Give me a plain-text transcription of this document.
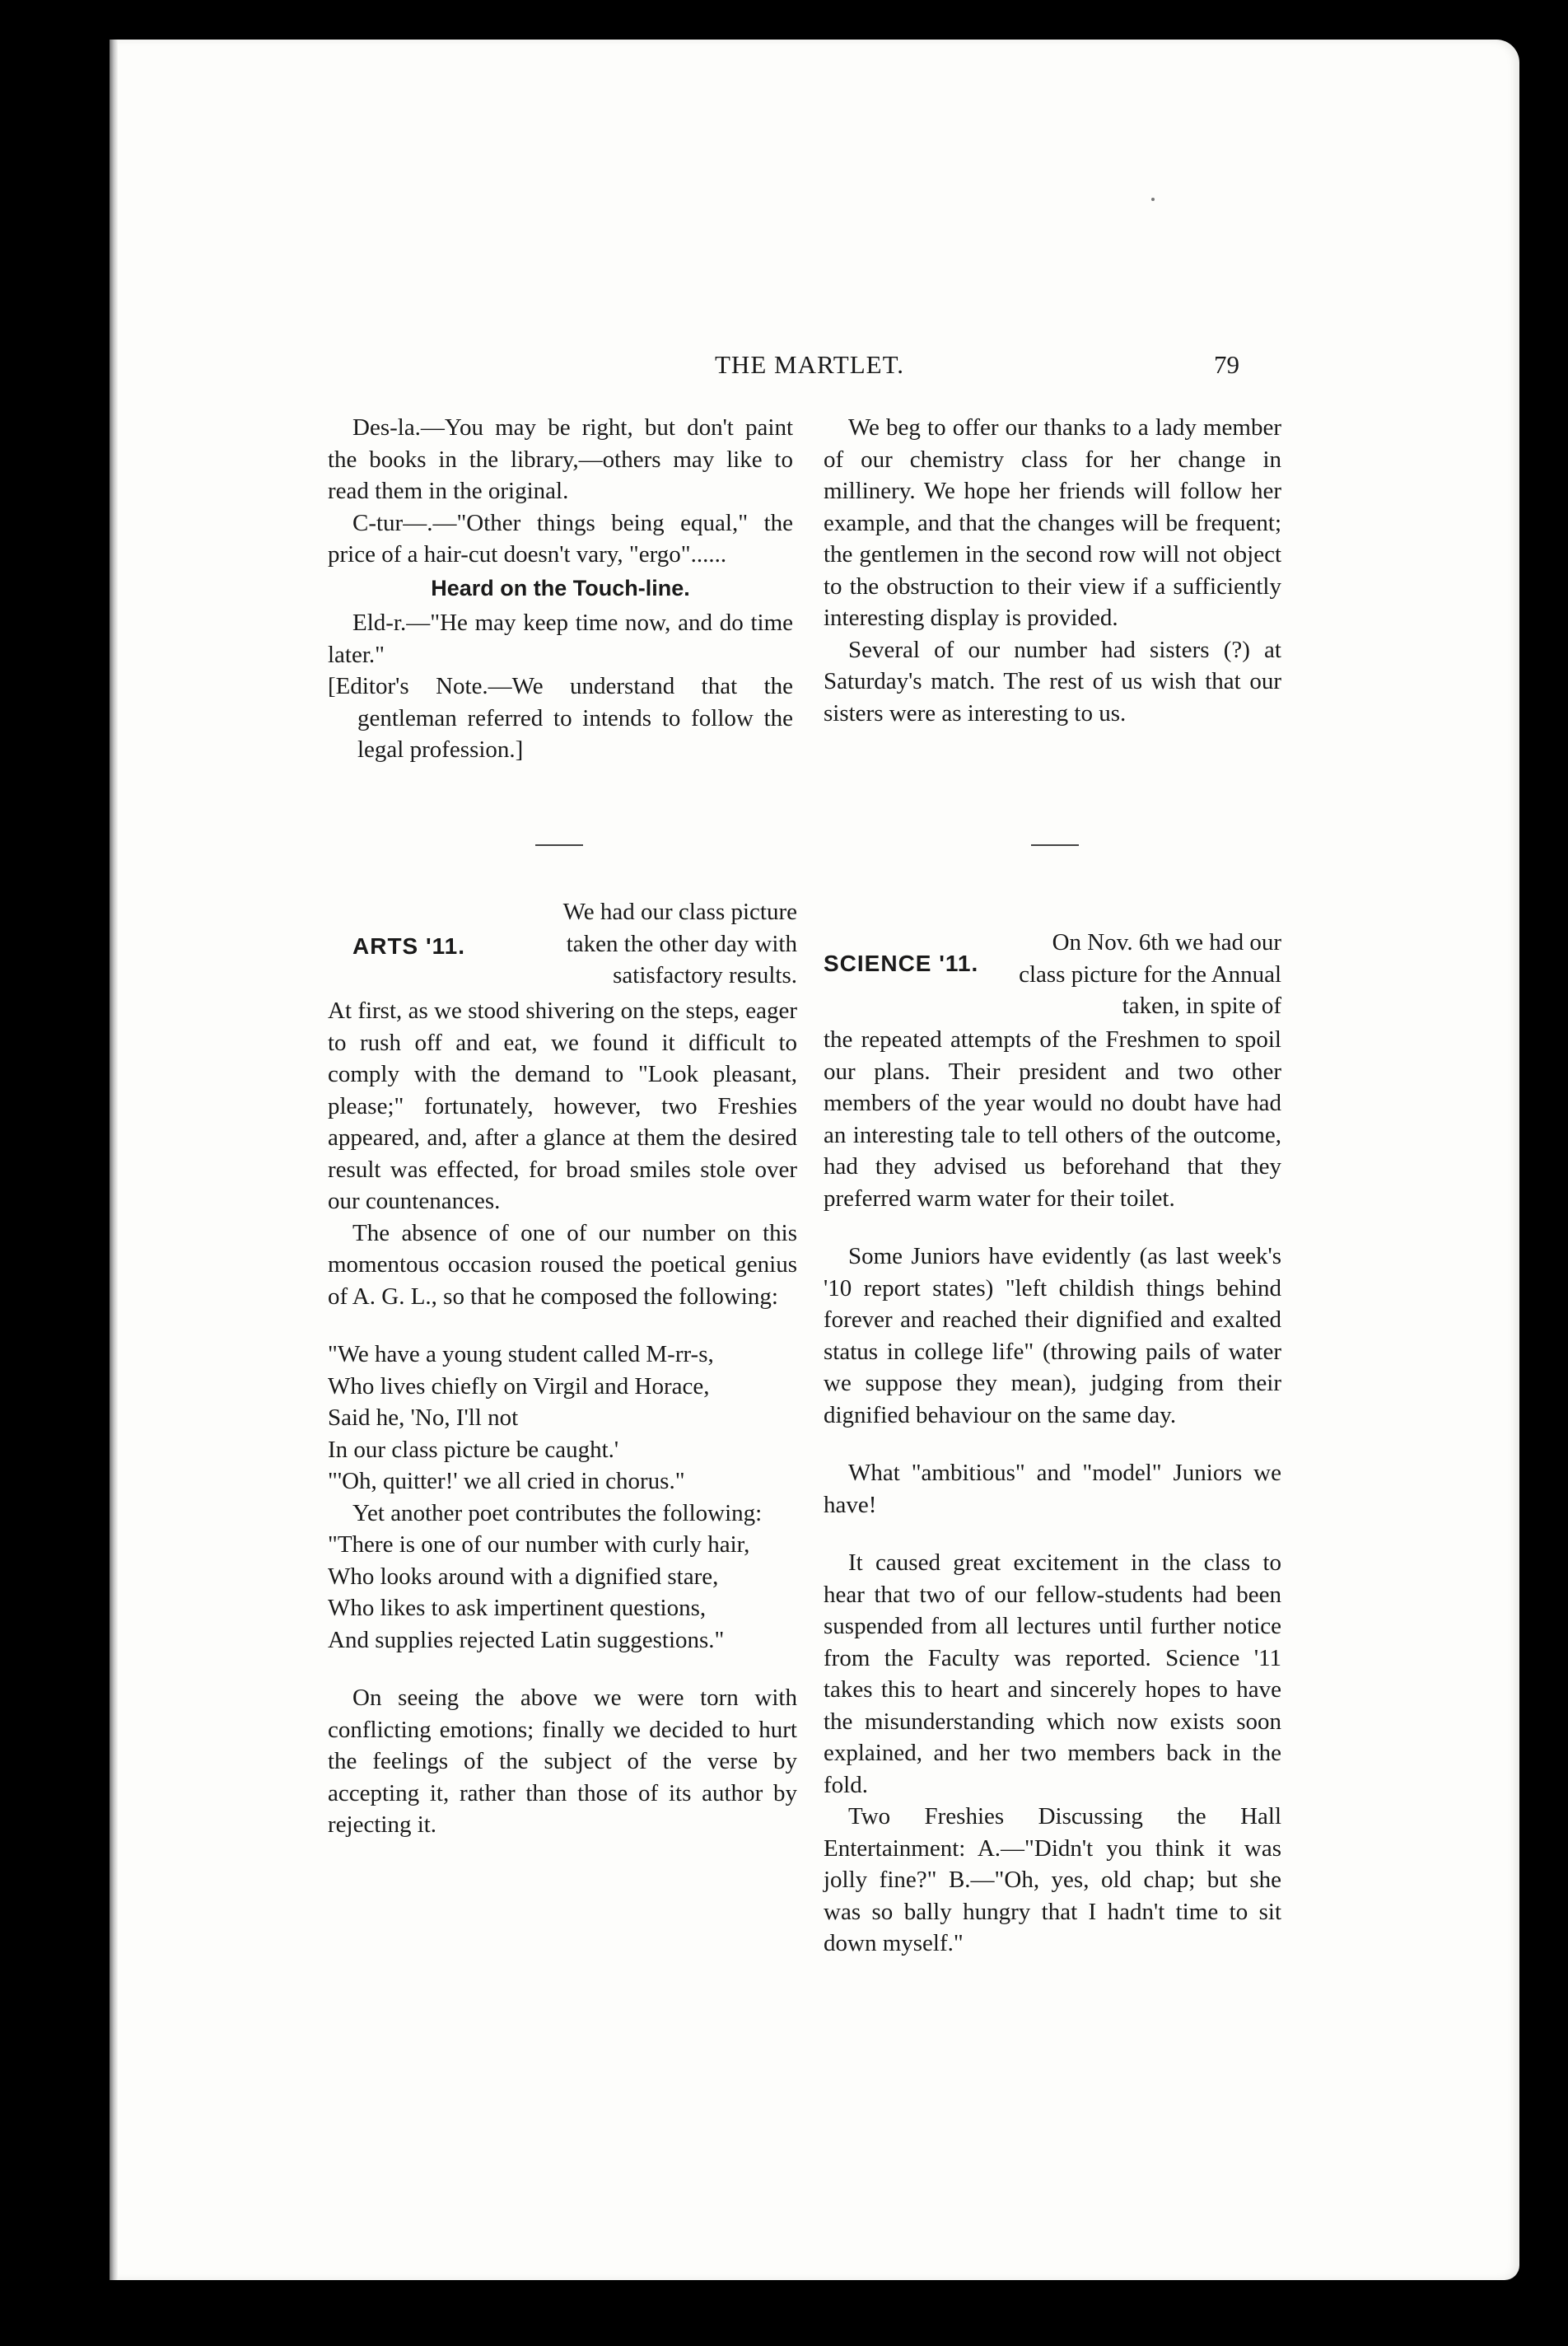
THE MARTLET.	79

Des-la.—You may be right, but don't paint the books in the library,—others may like to read them in the original.

C-tur—.—"Other things being equal," the price of a hair-cut doesn't vary, "ergo"......

Heard on the Touch-line.

Eld-r.—"He may keep time now, and do time later."

[Editor's Note.—We understand that the gentleman referred to intends to follow the legal profession.]

We beg to offer our thanks to a lady member of our chemistry class for her change in millinery. We hope her friends will follow her example, and that the changes will be frequent; the gentlemen in the second row will not object to the obstruction to their view if a sufficiently interesting display is provided.

Several of our number had sisters (?) at Saturday's match. The rest of us wish that our sisters were as interesting to us.

ARTS '11.

We had our class picture taken the other day with satisfactory results.

At first, as we stood shivering on the steps, eager to rush off and eat, we found it difficult to comply with the demand to "Look pleasant, please;" fortunately, however, two Freshies appeared, and, after a glance at them the desired result was effected, for broad smiles stole over our countenances.

The absence of one of our number on this momentous occasion roused the poetical genius of A. G. L., so that he composed the following:

"We have a young student called M-rr-s,

Who lives chiefly on Virgil and Horace,

Said he, 'No, I'll not

In our class picture be caught.'

"'Oh, quitter!' we all cried in chorus."

Yet another poet contributes the following:

"There is one of our number with curly hair,

Who looks around with a dignified stare,

Who likes to ask impertinent questions,

And supplies rejected Latin suggestions."

On seeing the above we were torn with conflicting emotions; finally we decided to hurt the feelings of the subject of the verse by accepting it, rather than those of its author by rejecting it.

SCIENCE '11.

On Nov. 6th we had our class picture for the Annual taken, in spite of

the repeated attempts of the Freshmen to spoil our plans. Their president and two other members of the year would no doubt have had an interesting tale to tell others of the outcome, had they advised us beforehand that they preferred warm water for their toilet.

Some Juniors have evidently (as last week's '10 report states) "left childish things behind forever and reached their dignified and exalted status in college life" (throwing pails of water we suppose they mean), judging from their dignified behaviour on the same day.

What "ambitious" and "model" Juniors we have!

It caused great excitement in the class to hear that two of our fellow-students had been suspended from all lectures until further notice from the Faculty was reported. Science '11 takes this to heart and sincerely hopes to have the misunderstanding which now exists soon explained, and her two members back in the fold.

Two Freshies Discussing the Hall Entertainment: A.—"Didn't you think it was jolly fine?" B.—"Oh, yes, old chap; but she was so bally hungry that I hadn't time to sit down myself."
